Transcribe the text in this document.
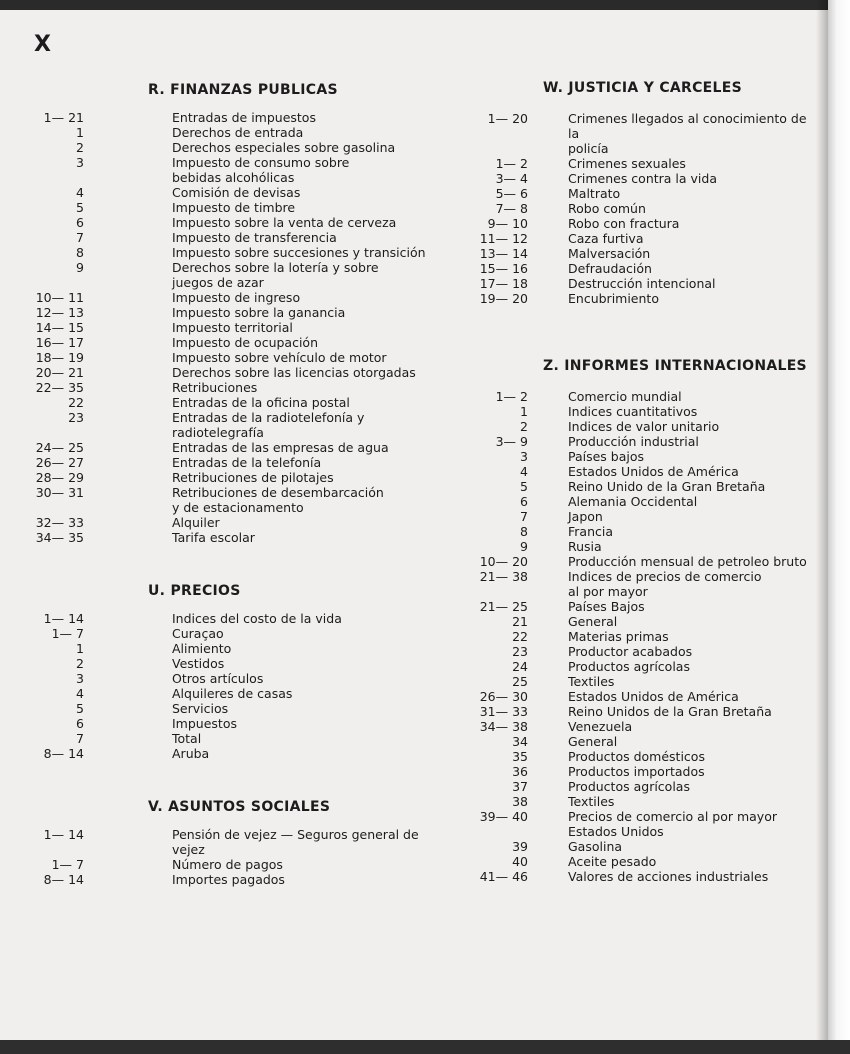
X
R. FINANZAS PUBLICAS
1— 21	Entradas de impuestos
1	Derechos de entrada
2	Derechos especiales sobre gasolina
3	Impuesto de consumo sobre
bebidas alcohólicas
4	Comisión de devisas
5	Impuesto de timbre
6	Impuesto sobre la venta de cerveza
7	Impuesto de transferencia
8	Impuesto sobre succesiones y transición
9	Derechos sobre la lotería y sobre
juegos de azar
10— 11	Impuesto de ingreso
12— 13	Impuesto sobre la ganancia
14— 15	Impuesto territorial
16— 17	Impuesto de ocupación
18— 19	Impuesto sobre vehículo de motor
20— 21	Derechos sobre las licencias otorgadas
22— 35	Retribuciones
22	Entradas de la oficina postal
23	Entradas de la radiotelefonía y
radiotelegrafía
24— 25	Entradas de las empresas de agua
26— 27	Entradas de la telefonía
28— 29	Retribuciones de pilotajes
30— 31	Retribuciones de desembarcación
y de estacionamento
32— 33	Alquiler
34— 35	Tarifa escolar
U. PRECIOS
1— 14	Indices del costo de la vida
1— 7	Curaçao
1	Alimiento
2	Vestidos
3	Otros artículos
4	Alquileres de casas
5	Servicios
6	Impuestos
7	Total
8— 14	Aruba
V. ASUNTOS SOCIALES
1— 14	Pensión de vejez — Seguros general de
vejez
1— 7	Número de pagos
8— 14	Importes pagados
W. JUSTICIA Y CARCELES
1— 20	Crimenes llegados al conocimiento de la
policía
1— 2	Crimenes sexuales
3— 4	Crimenes contra la vida
5— 6	Maltrato
7— 8	Robo común
9— 10	Robo con fractura
11— 12	Caza furtiva
13— 14	Malversación
15— 16	Defraudación
17— 18	Destrucción intencional
19— 20	Encubrimiento
Z. INFORMES INTERNACIONALES
1— 2	Comercio mundial
1	Indices cuantitativos
2	Indices de valor unitario
3— 9	Producción industrial
3	Países bajos
4	Estados Unidos de América
5	Reino Unido de la Gran Bretaña
6	Alemania Occidental
7	Japon
8	Francia
9	Rusia
10— 20	Producción mensual de petroleo bruto
21— 38	Indices de precios de comercio
al por mayor
21— 25	Países Bajos
21	General
22	Materias primas
23	Productor acabados
24	Productos agrícolas
25	Textiles
26— 30	Estados Unidos de América
31— 33	Reino Unidos de la Gran Bretaña
34— 38	Venezuela
34	General
35	Productos domésticos
36	Productos importados
37	Productos agrícolas
38	Textiles
39— 40	Precios de comercio al por mayor
Estados Unidos
39	Gasolina
40	Aceite pesado
41— 46	Valores de acciones industriales
